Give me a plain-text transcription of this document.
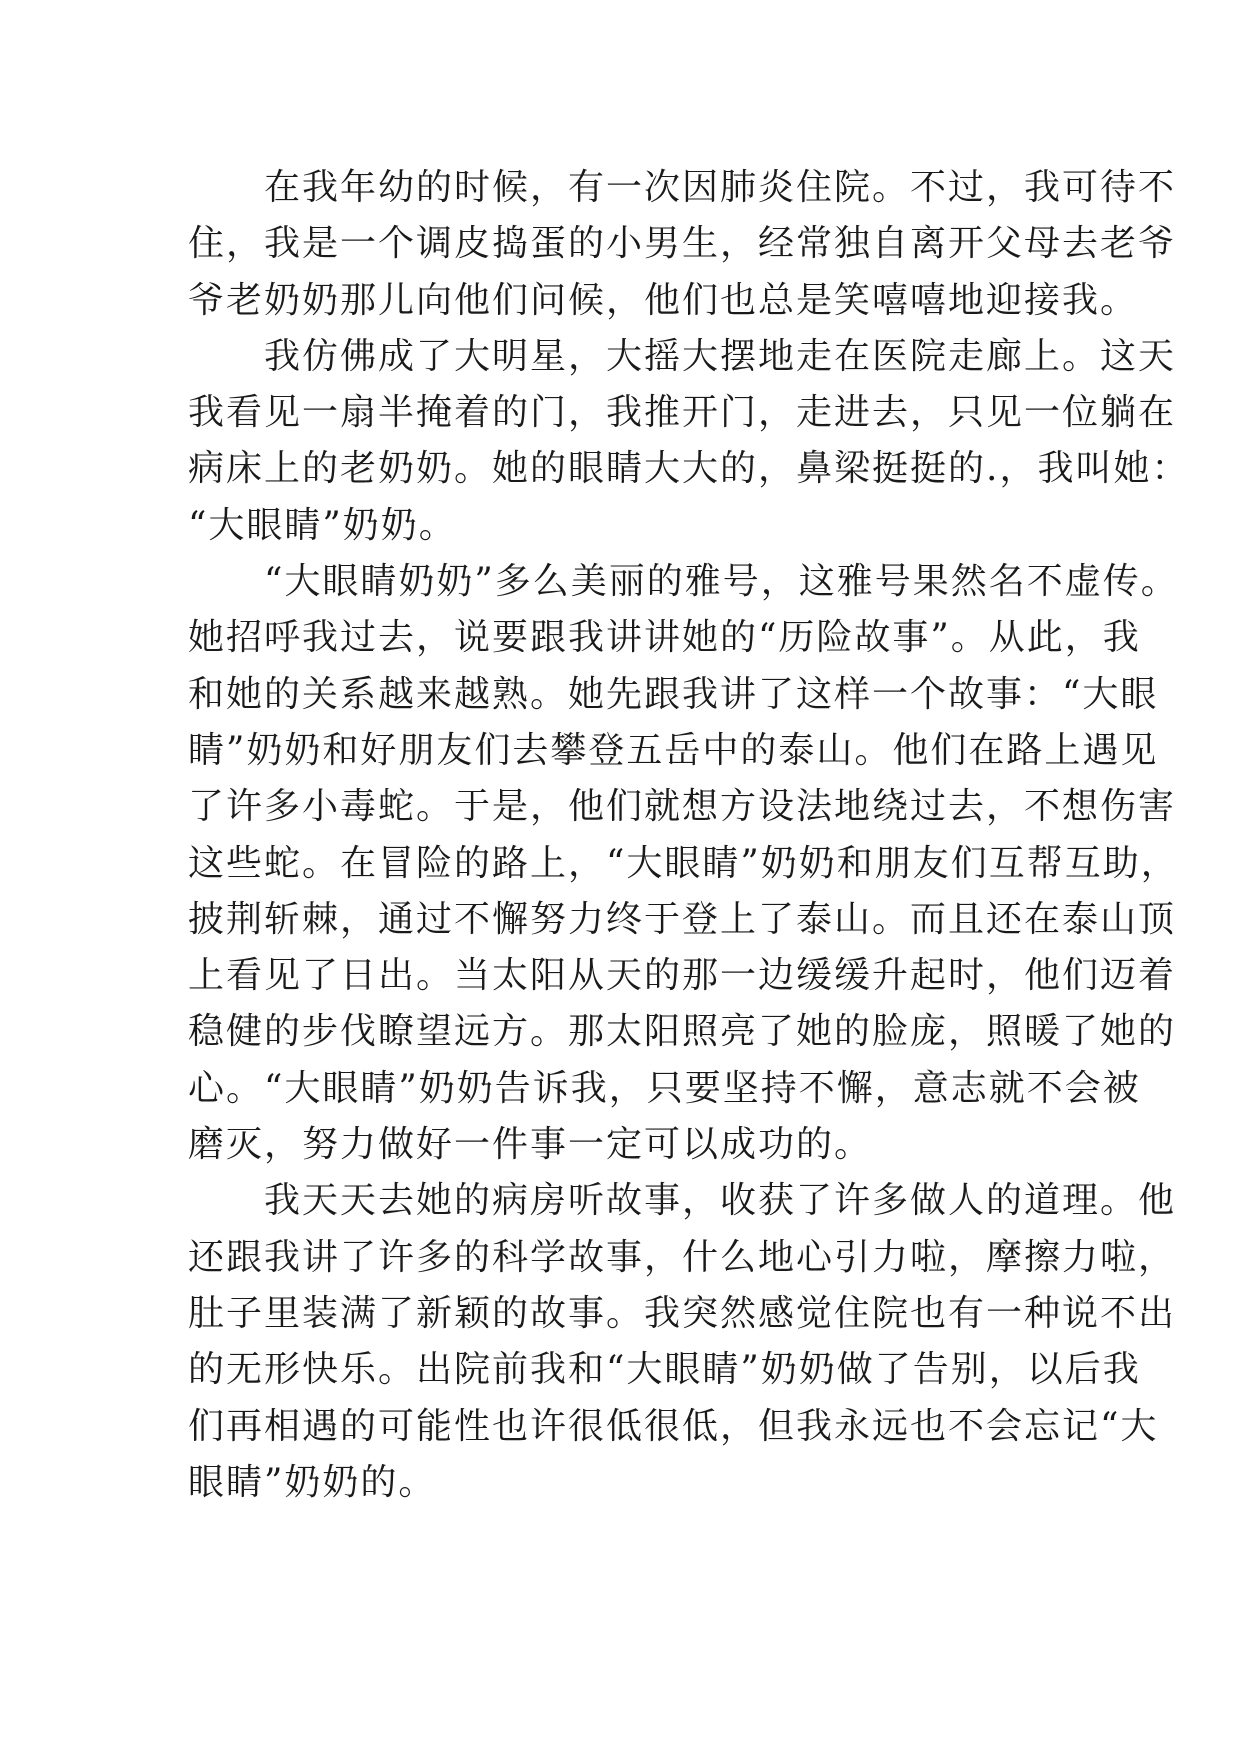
　　在我年幼的时候，有一次因肺炎住院。不过，我可待不
住，我是一个调皮捣蛋的小男生，经常独自离开父母去老爷
爷老奶奶那儿向他们问候，他们也总是笑嘻嘻地迎接我。
　　我仿佛成了大明星，大摇大摆地走在医院走廊上。这天
我看见一扇半掩着的门，我推开门，走进去，只见一位躺在
病床上的老奶奶。她的眼睛大大的，鼻梁挺挺的.，我叫她：
“大眼睛”奶奶。
　　“大眼睛奶奶”多么美丽的雅号，这雅号果然名不虚传。
她招呼我过去，说要跟我讲讲她的“历险故事”。从此，我
和她的关系越来越熟。她先跟我讲了这样一个故事：“大眼
睛”奶奶和好朋友们去攀登五岳中的泰山。他们在路上遇见
了许多小毒蛇。于是，他们就想方设法地绕过去，不想伤害
这些蛇。在冒险的路上，“大眼睛”奶奶和朋友们互帮互助，
披荆斩棘，通过不懈努力终于登上了泰山。而且还在泰山顶
上看见了日出。当太阳从天的那一边缓缓升起时，他们迈着
稳健的步伐瞭望远方。那太阳照亮了她的脸庞，照暖了她的
心。“大眼睛”奶奶告诉我，只要坚持不懈，意志就不会被
磨灭，努力做好一件事一定可以成功的。
　　我天天去她的病房听故事，收获了许多做人的道理。他
还跟我讲了许多的科学故事，什么地心引力啦，摩擦力啦，
肚子里装满了新颖的故事。我突然感觉住院也有一种说不出
的无形快乐。出院前我和“大眼睛”奶奶做了告别，以后我
们再相遇的可能性也许很低很低，但我永远也不会忘记“大
眼睛”奶奶的。
